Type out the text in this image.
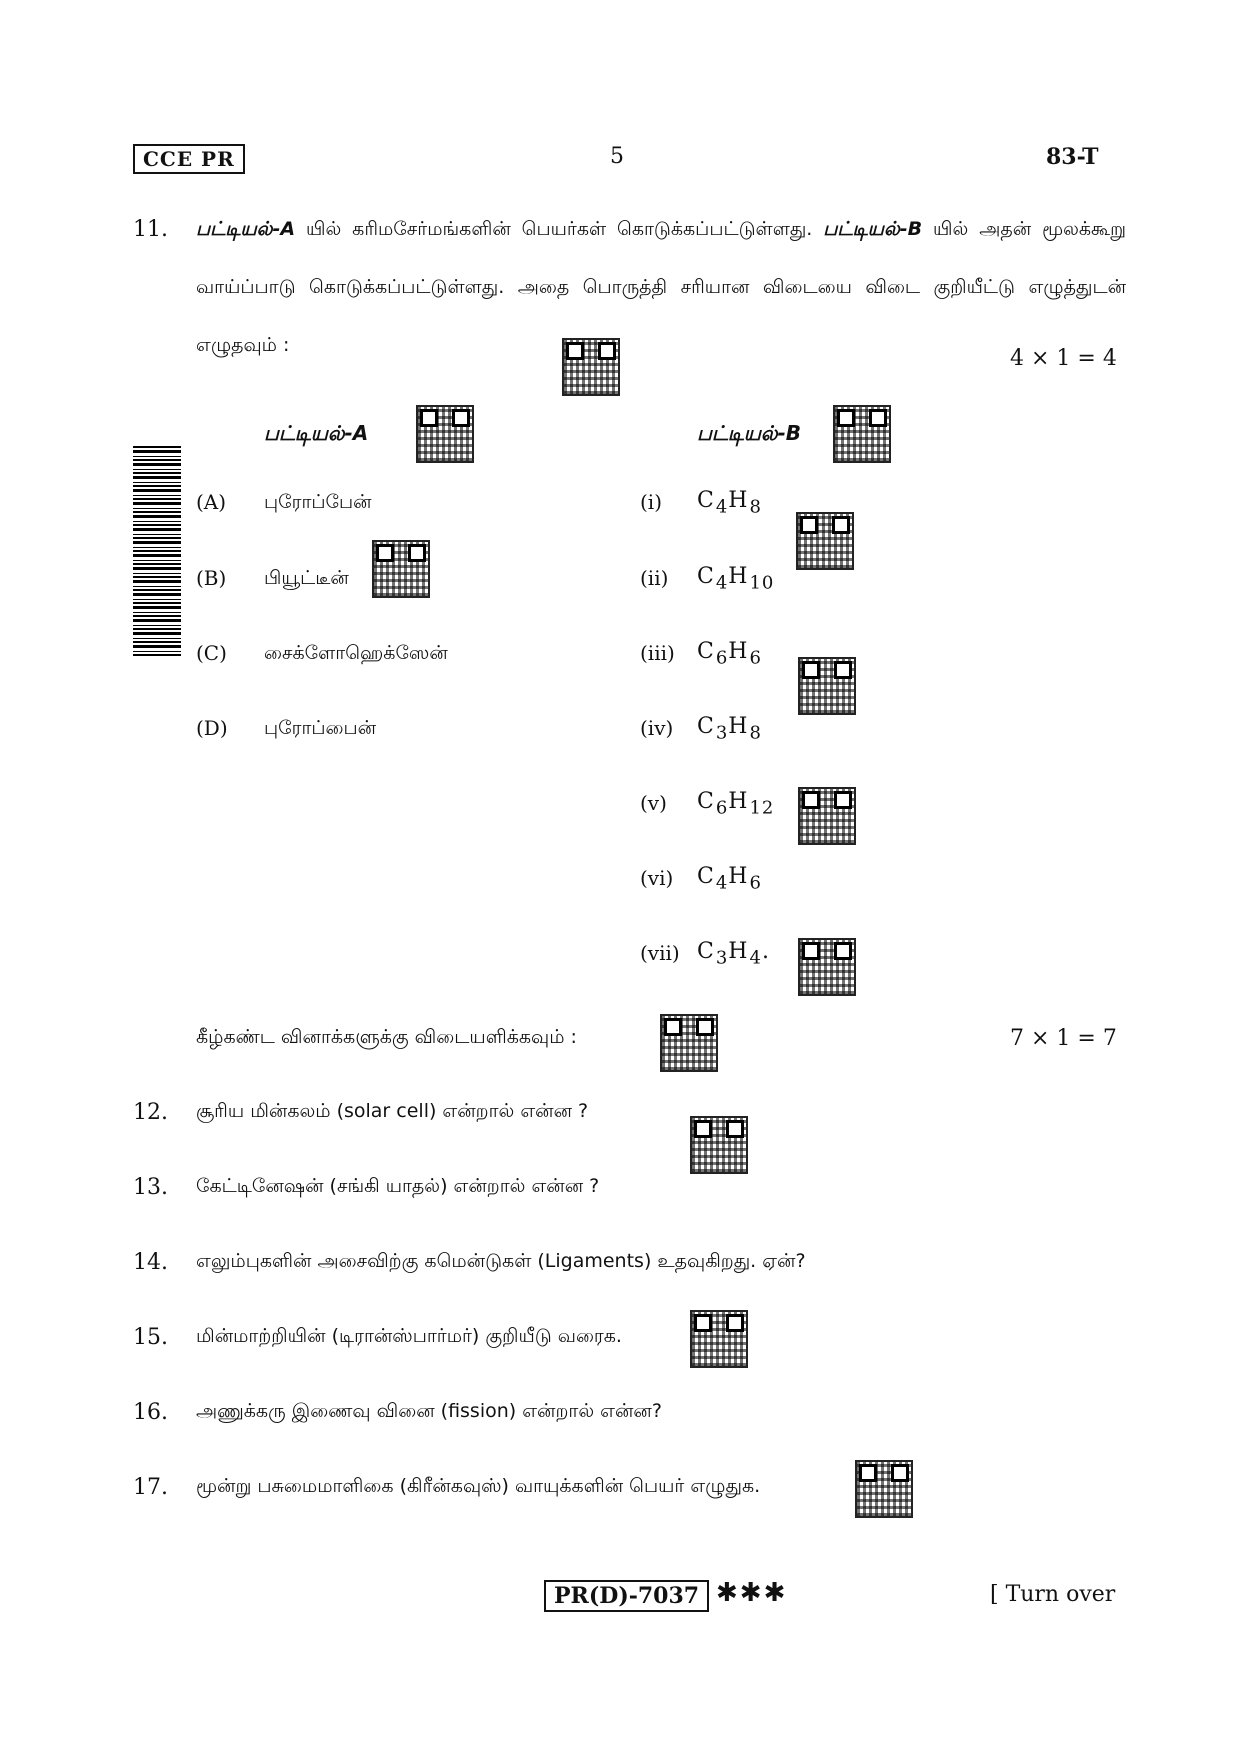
CCE PR	5	83-T
11. பட்டியல்-A யில் கரிமசேர்மங்களின் பெயர்கள் கொடுக்கப்பட்டுள்ளது. பட்டியல்-B யில் அதன் மூலக்கூறு வாய்ப்பாடு கொடுக்கப்பட்டுள்ளது. அதை பொருத்தி சரியான விடையை விடை குறியீட்டு எழுத்துடன் எழுதவும் :
4 × 1 = 4
பட்டியல்-A	பட்டியல்-B
(A) புரோப்பேன்
(B) பியூட்டீன்
(C) சைக்ளோஹெக்ஸேன்
(D) புரோப்பைன்
(i) $C_4H_8$
(ii) $C_4H_{10}$
(iii) $C_6H_6$
(iv) $C_3H_8$
(v) $C_6H_{12}$
(vi) $C_4H_6$
(vii) $C_3H_4$.
கீழ்கண்ட வினாக்களுக்கு விடையளிக்கவும் :	7 × 1 = 7
12. சூரிய மின்கலம் (solar cell) என்றால் என்ன ?
13. கேட்டினேஷன் (சங்கி யாதல்) என்றால் என்ன ?
14. எலும்புகளின் அசைவிற்கு கமென்டுகள் (Ligaments) உதவுகிறது. ஏன்?
15. மின்மாற்றியின் (டிரான்ஸ்பார்மர்) குறியீடு வரைக.
16. அணுக்கரு இணைவு வினை (fission) என்றால் என்ன?
17. மூன்று பசுமைமாளிகை (கிரீன்கவுஸ்) வாயுக்களின் பெயர் எழுதுக.
PR(D)-7037 ✱✱✱	[ Turn over
